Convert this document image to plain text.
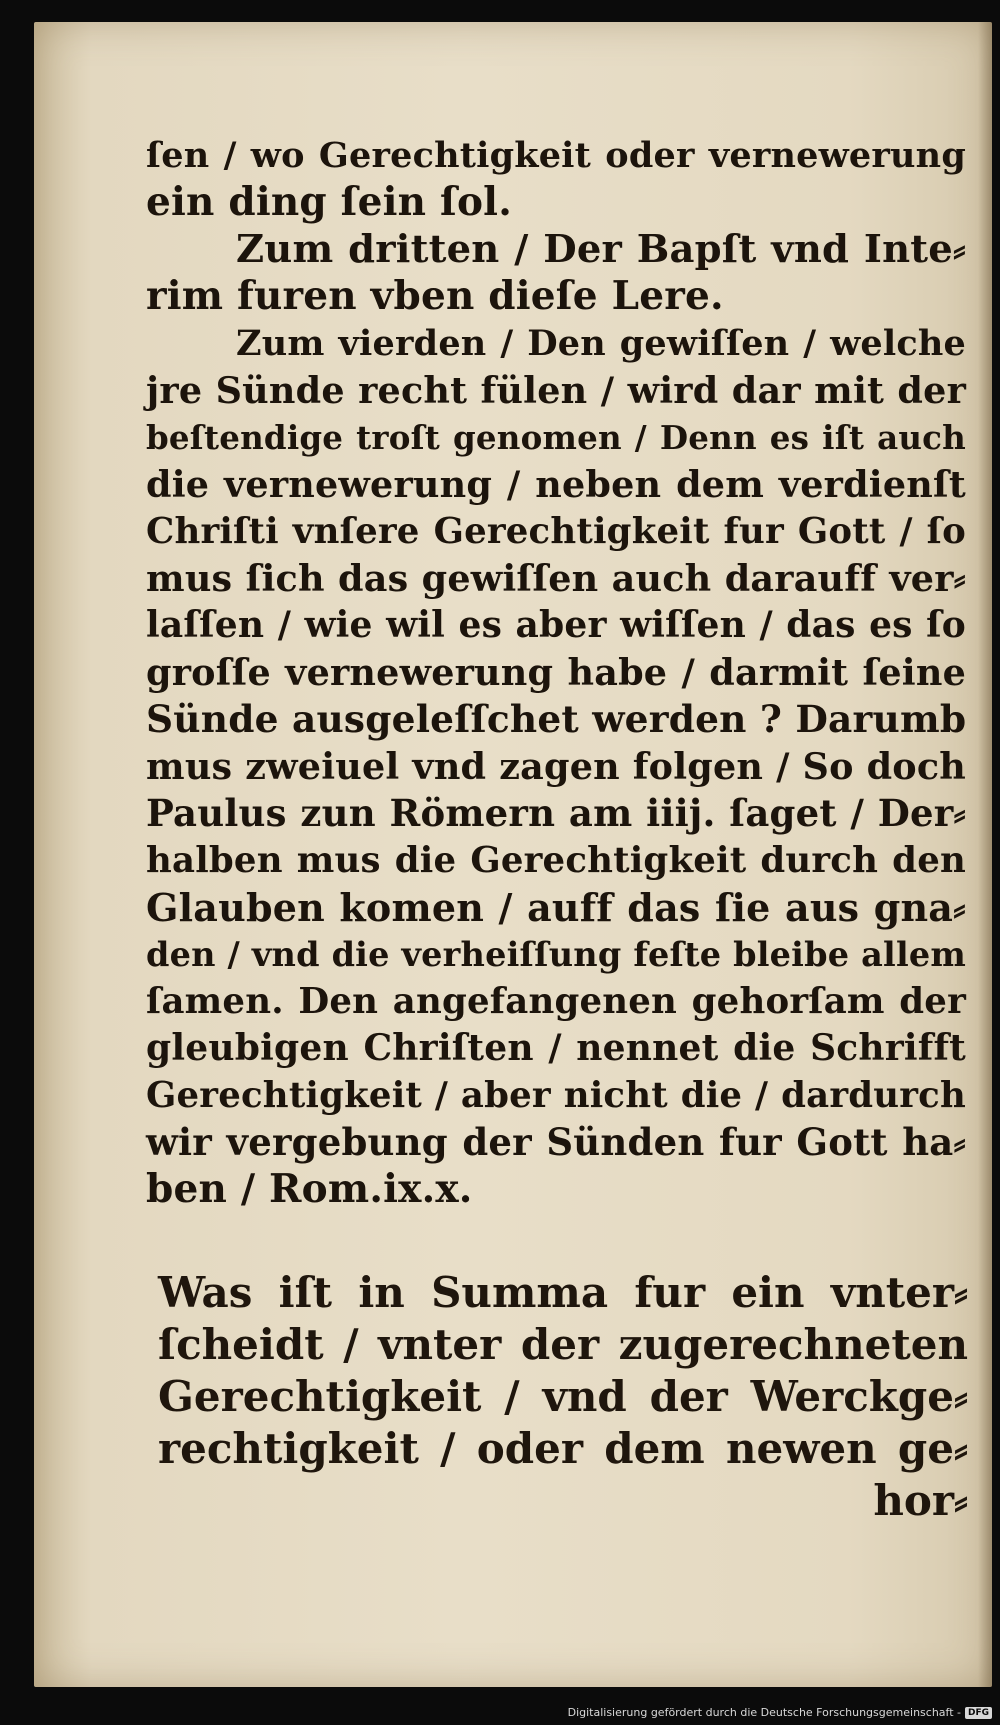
ſen / wo Gerechtigkeit oder vernewerung
ein ding ſein ſol.
Zum dritten / Der Bapſt vnd Inte⸗
rim furen vben dieſe Lere.
Zum vierden / Den gewiſſen / welche
jre Sünde recht fülen / wird dar mit der
beſtendige troſt genomen / Denn es iſt auch
die vernewerung / neben dem verdienſt
Chriſti vnſere Gerechtigkeit fur Gott / ſo
mus ſich das gewiſſen auch darauff ver⸗
laſſen / wie wil es aber wiſſen / das es ſo
groſſe vernewerung habe / darmit ſeine
Sünde ausgeleſſchet werden ? Darumb
mus zweiuel vnd zagen folgen / So doch
Paulus zun Römern am iiij. ſaget / Der⸗
halben mus die Gerechtigkeit durch den
Glauben komen / auff das ſie aus gna⸗
den / vnd die verheiſſung feſte bleibe allem
ſamen. Den angefangenen gehorſam der
gleubigen Chriſten / nennet die Schrifft
Gerechtigkeit / aber nicht die / dardurch
wir vergebung der Sünden fur Gott ha⸗
ben / Rom.ix.x.
Was iſt in Summa fur ein vnter⸗
ſcheidt / vnter der zugerechneten
Gerechtigkeit / vnd der Werckge⸗
rechtigkeit / oder dem newen ge⸗
hor⸗
Digitalisierung gefördert durch die Deutsche Forschungsgemeinschaft - DFG
